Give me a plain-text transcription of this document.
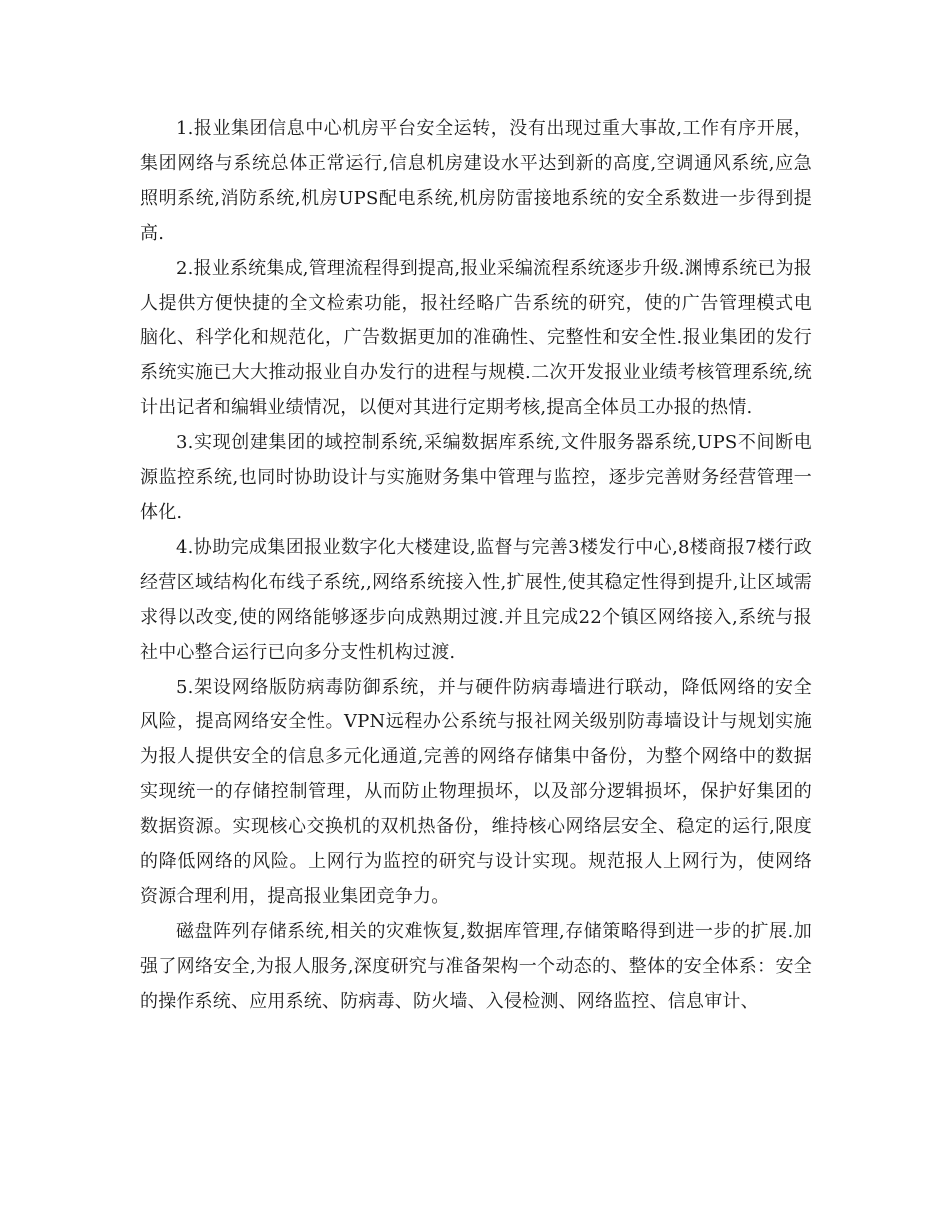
1.报业集团信息中心机房平台安全运转，没有出现过重大事故,工作有序开展，集团网络与系统总体正常运行,信息机房建设水平达到新的高度,空调通风系统,应急照明系统,消防系统,机房UPS配电系统,机房防雷接地系统的安全系数进一步得到提高.

2.报业系统集成,管理流程得到提高,报业采编流程系统逐步升级.渊博系统已为报人提供方便快捷的全文检索功能，报社经略广告系统的研究，使的广告管理模式电脑化、科学化和规范化，广告数据更加的准确性、完整性和安全性.报业集团的发行系统实施已大大推动报业自办发行的进程与规模.二次开发报业业绩考核管理系统,统计出记者和编辑业绩情况，以便对其进行定期考核,提高全体员工办报的热情.

3.实现创建集团的域控制系统,采编数据库系统,文件服务器系统,UPS不间断电源监控系统,也同时协助设计与实施财务集中管理与监控，逐步完善财务经营管理一体化.

4.协助完成集团报业数字化大楼建设,监督与完善3楼发行中心,8楼商报7楼行政经营区域结构化布线子系统,,网络系统接入性,扩展性,使其稳定性得到提升,让区域需求得以改变,使的网络能够逐步向成熟期过渡.并且完成22个镇区网络接入,系统与报社中心整合运行已向多分支性机构过渡.

5.架设网络版防病毒防御系统，并与硬件防病毒墙进行联动，降低网络的安全风险，提高网络安全性。VPN远程办公系统与报社网关级别防毒墙设计与规划实施为报人提供安全的信息多元化通道,完善的网络存储集中备份，为整个网络中的数据实现统一的存储控制管理，从而防止物理损坏，以及部分逻辑损坏，保护好集团的数据资源。实现核心交换机的双机热备份，维持核心网络层安全、稳定的运行,限度的降低网络的风险。上网行为监控的研究与设计实现。规范报人上网行为，使网络资源合理利用，提高报业集团竞争力。

磁盘阵列存储系统,相关的灾难恢复,数据库管理,存储策略得到进一步的扩展.加强了网络安全,为报人服务,深度研究与准备架构一个动态的、整体的安全体系：安全的操作系统、应用系统、防病毒、防火墙、入侵检测、网络监控、信息审计、
